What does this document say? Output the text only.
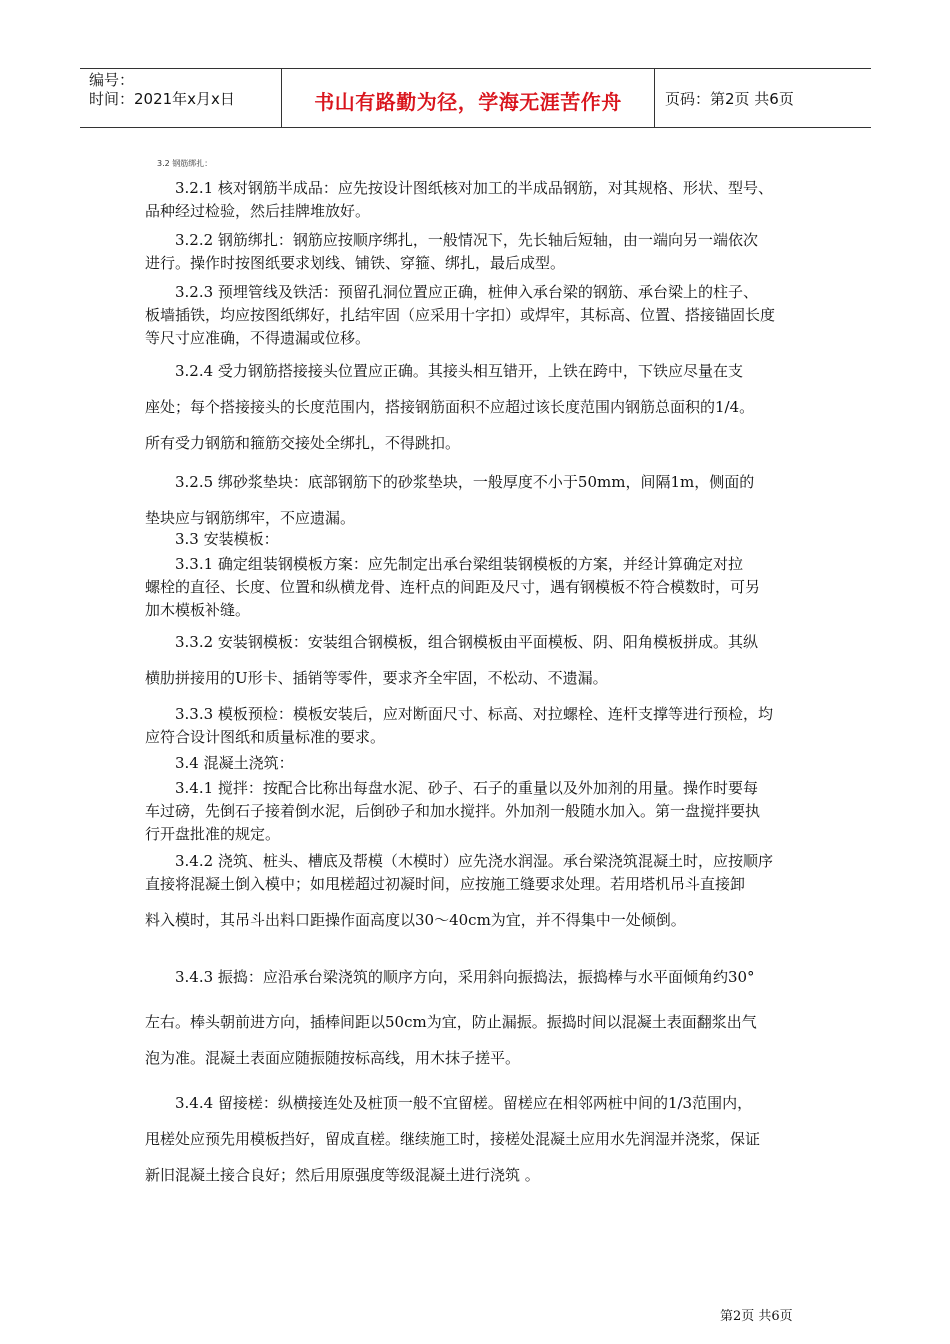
编号：
时间：2021年x月x日	书山有路勤为径，学海无涯苦作舟	页码：第2页 共6页
3.2 钢筋绑扎：
3.2.1 核对钢筋半成品：应先按设计图纸核对加工的半成品钢筋，对其规格、形状、型号、
品种经过检验，然后挂牌堆放好。
3.2.2 钢筋绑扎：钢筋应按顺序绑扎，一般情况下，先长轴后短轴，由一端向另一端依次
进行。操作时按图纸要求划线、铺铁、穿箍、绑扎，最后成型。
3.2.3 预埋管线及铁活：预留孔洞位置应正确，桩伸入承台梁的钢筋、承台梁上的柱子、
板墙插铁，均应按图纸绑好，扎结牢固（应采用十字扣）或焊牢，其标高、位置、搭接锚固长度
等尺寸应准确，不得遗漏或位移。
3.2.4 受力钢筋搭接接头位置应正确。其接头相互错开，上铁在跨中，下铁应尽量在支
座处；每个搭接接头的长度范围内，搭接钢筋面积不应超过该长度范围内钢筋总面积的1/4。
所有受力钢筋和箍筋交接处全绑扎，不得跳扣。
3.2.5 绑砂浆垫块：底部钢筋下的砂浆垫块，一般厚度不小于50mm，间隔1m，侧面的
垫块应与钢筋绑牢，不应遗漏。
3.3 安装模板：
3.3.1 确定组装钢模板方案：应先制定出承台梁组装钢模板的方案，并经计算确定对拉
螺栓的直径、长度、位置和纵横龙骨、连杆点的间距及尺寸，遇有钢模板不符合模数时，可另
加木模板补缝。
3.3.2 安装钢模板：安装组合钢模板，组合钢模板由平面模板、阴、阳角模板拼成。其纵
横肋拼接用的U形卡、插销等零件，要求齐全牢固，不松动、不遗漏。
3.3.3 模板预检：模板安装后，应对断面尺寸、标高、对拉螺栓、连杆支撑等进行预检，均
应符合设计图纸和质量标准的要求。
3.4 混凝土浇筑：
3.4.1 搅拌：按配合比称出每盘水泥、砂子、石子的重量以及外加剂的用量。操作时要每
车过磅，先倒石子接着倒水泥，后倒砂子和加水搅拌。外加剂一般随水加入。第一盘搅拌要执
行开盘批准的规定。
3.4.2 浇筑、桩头、槽底及帮模（木模时）应先浇水润湿。承台梁浇筑混凝土时，应按顺序
直接将混凝土倒入模中；如甩槎超过初凝时间，应按施工缝要求处理。若用塔机吊斗直接卸
料入模时，其吊斗出料口距操作面高度以30～40cm为宜，并不得集中一处倾倒。
3.4.3 振捣：应沿承台梁浇筑的顺序方向，采用斜向振捣法，振捣棒与水平面倾角约30°
左右。棒头朝前进方向，插棒间距以50cm为宜，防止漏振。振捣时间以混凝土表面翻浆出气
泡为准。混凝土表面应随振随按标高线，用木抹子搓平。
3.4.4 留接槎：纵横接连处及桩顶一般不宜留槎。留槎应在相邻两桩中间的1/3范围内，
甩槎处应预先用模板挡好，留成直槎。继续施工时，接槎处混凝土应用水先润湿并浇浆，保证
新旧混凝土接合良好；然后用原强度等级混凝土进行浇筑 。
第2页 共6页
